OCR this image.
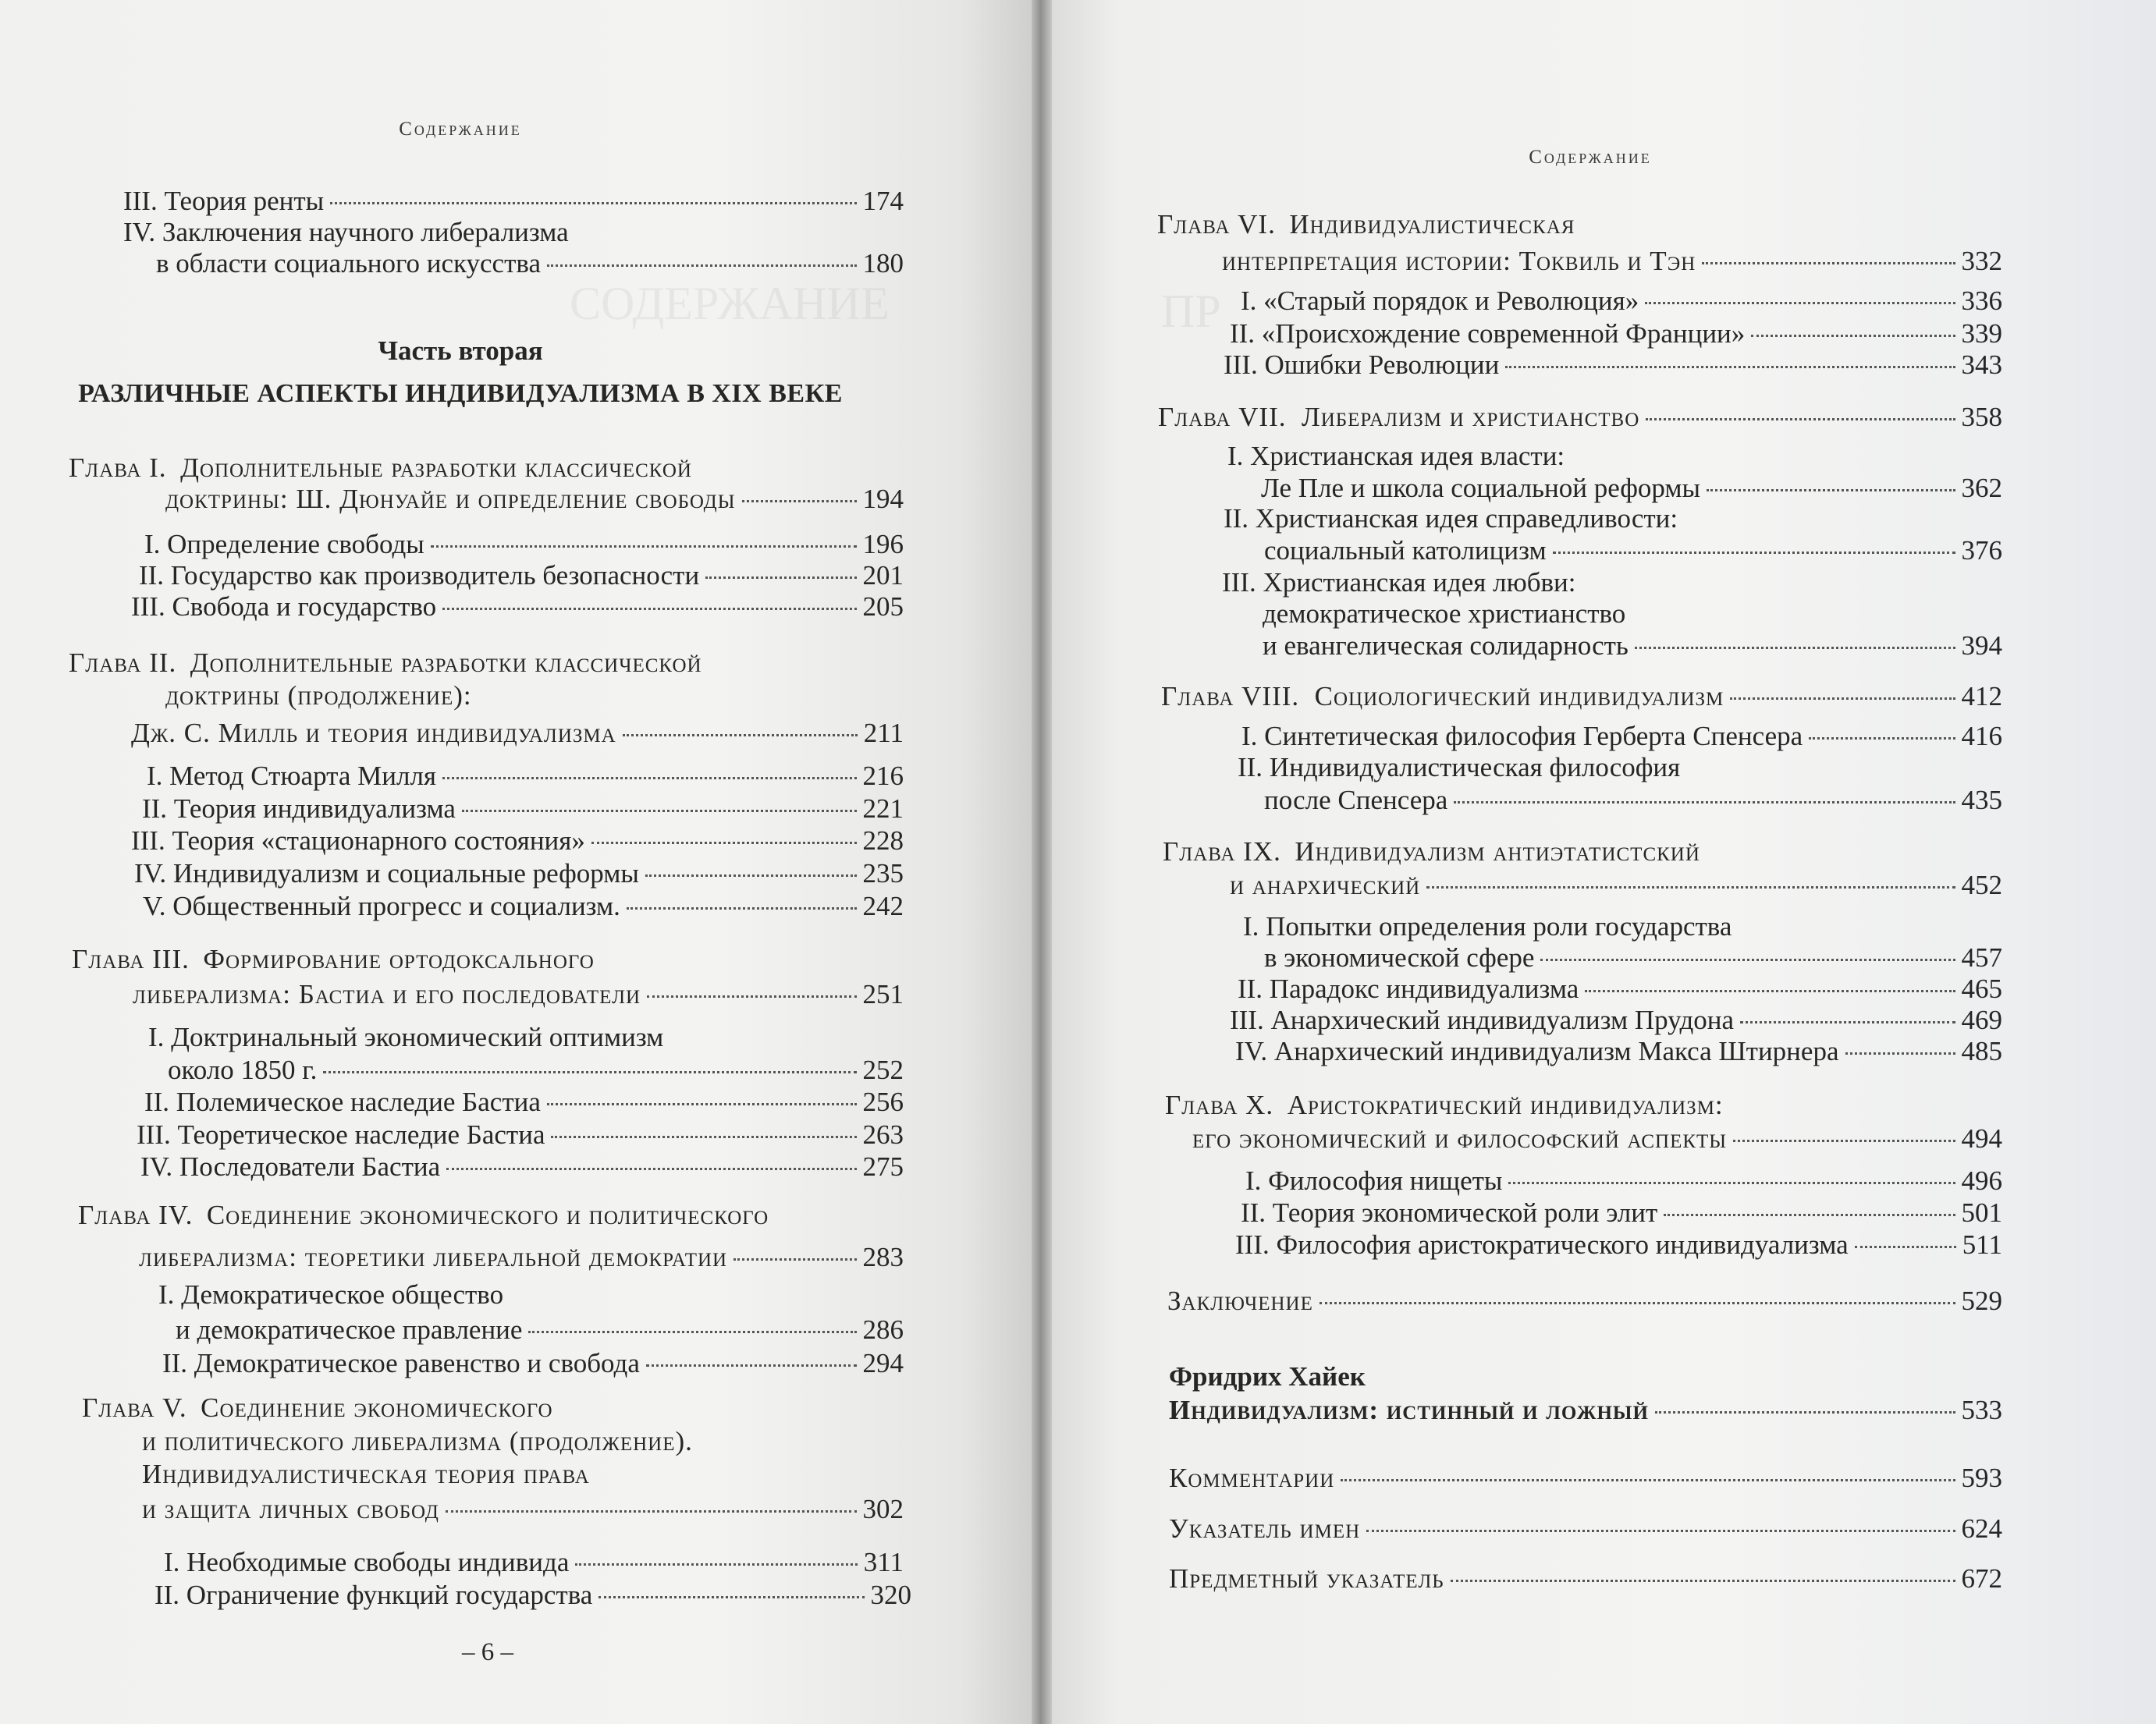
СОДЕРЖАНИЕ
Содержание
III. Теория ренты	174
IV. Заключения научного либерализма
в области социального искусства	180
Часть вторая
РАЗЛИЧНЫЕ АСПЕКТЫ ИНДИВИДУАЛИЗМА В XIX ВЕКЕ
Глава I. Дополнительные разработки классической
доктрины: Ш. Дюнуайе и определение свободы	194
I. Определение свободы	196
II. Государство как производитель безопасности	201
III. Свобода и государство	205
Глава II. Дополнительные разработки классической
доктрины (продолжение):
Дж. С. Милль и теория индивидуализма	211
I. Метод Стюарта Милля	216
II. Теория индивидуализма	221
III. Теория «стационарного состояния»	228
IV. Индивидуализм и социальные реформы	235
V. Общественный прогресс и социализм.	242
Глава III. Формирование ортодоксального
либерализма: Бастиа и его последователи	251
I. Доктринальный экономический оптимизм
около 1850 г.	252
II. Полемическое наследие Бастиа	256
III. Теоретическое наследие Бастиа	263
IV. Последователи Бастиа	275
Глава IV. Соединение экономического и политического
либерализма: теоретики либеральной демократии	283
I. Демократическое общество
и демократическое правление	286
II. Демократическое равенство и свобода	294
Глава V. Соединение экономического
и политического либерализма (продолжение).
Индивидуалистическая теория права
и защита личных свобод	302
I. Необходимые свободы индивида	311
II. Ограничение функций государства	320
– 6 –
ПР
Содержание
Глава VI. Индивидуалистическая
интерпретация истории: Токвиль и Тэн	332
I. «Старый порядок и Революция»	336
II. «Происхождение современной Франции»	339
III. Ошибки Революции	343
Глава VII. Либерализм и христианство	358
I. Христианская идея власти:
Ле Пле и школа социальной реформы	362
II. Христианская идея справедливости:
социальный католицизм	376
III. Христианская идея любви:
демократическое христианство
и евангелическая солидарность	394
Глава VIII. Социологический индивидуализм	412
I. Синтетическая философия Герберта Спенсера	416
II. Индивидуалистическая философия
после Спенсера	435
Глава IX. Индивидуализм антиэтатистский
и анархический	452
I. Попытки определения роли государства
в экономической сфере	457
II. Парадокс индивидуализма	465
III. Анархический индивидуализм Прудона	469
IV. Анархический индивидуализм Макса Штирнера	485
Глава X. Аристократический индивидуализм:
его экономический и философский аспекты	494
I. Философия нищеты	496
II. Теория экономической роли элит	501
III. Философия аристократического индивидуализма	511
Заключение	529
Фридрих Хайек
Индивидуализм: истинный и ложный	533
Комментарии	593
Указатель имен	624
Предметный указатель	672
